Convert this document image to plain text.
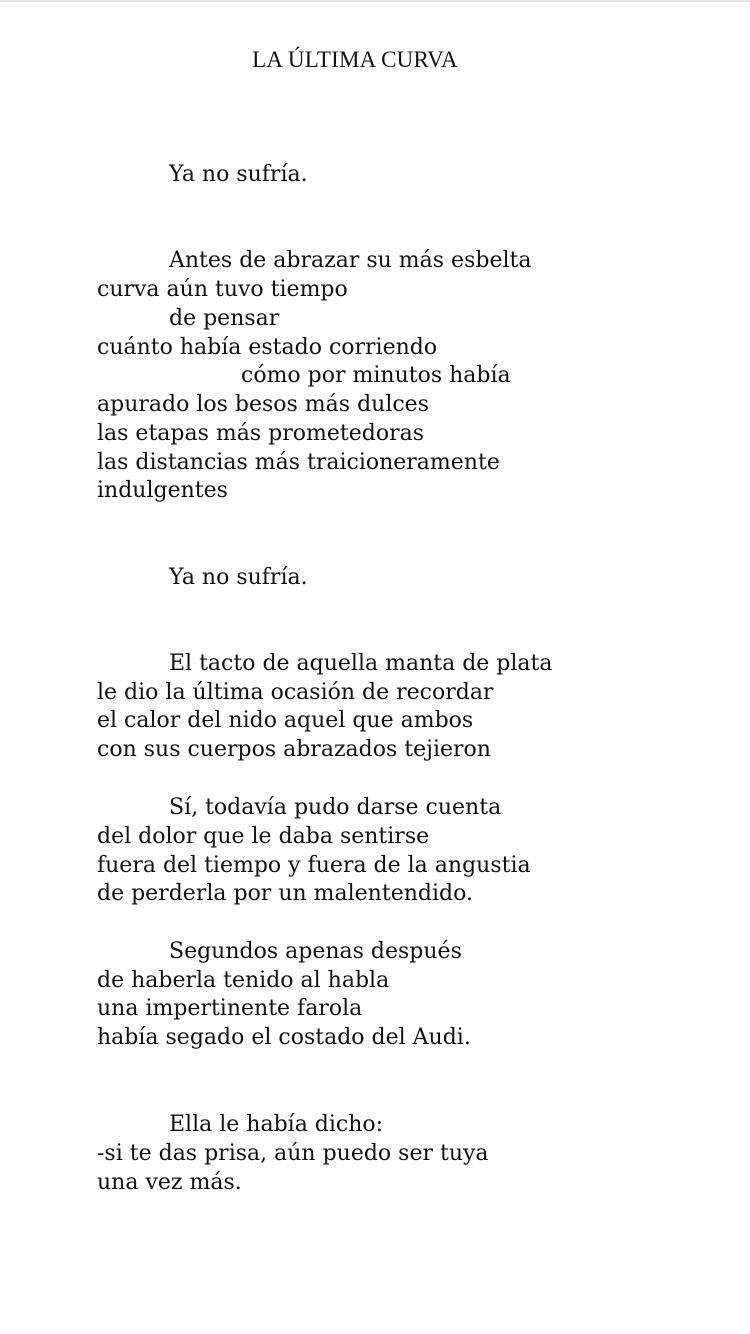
LA ÚLTIMA CURVA
Ya no sufría.
Antes de abrazar su más esbelta
curva aún tuvo tiempo
de pensar
cuánto había estado corriendo
cómo por minutos había
apurado los besos más dulces
las etapas más prometedoras
las distancias más traicioneramente
indulgentes
Ya no sufría.
El tacto de aquella manta de plata
le dio la última ocasión de recordar
el calor del nido aquel que ambos
con sus cuerpos abrazados tejieron
Sí, todavía pudo darse cuenta
del dolor que le daba sentirse
fuera del tiempo y fuera de la angustia
de perderla por un malentendido.
Segundos apenas después
de haberla tenido al habla
una impertinente farola
había segado el costado del Audi.
Ella le había dicho:
-si te das prisa, aún puedo ser tuya
una vez más.
